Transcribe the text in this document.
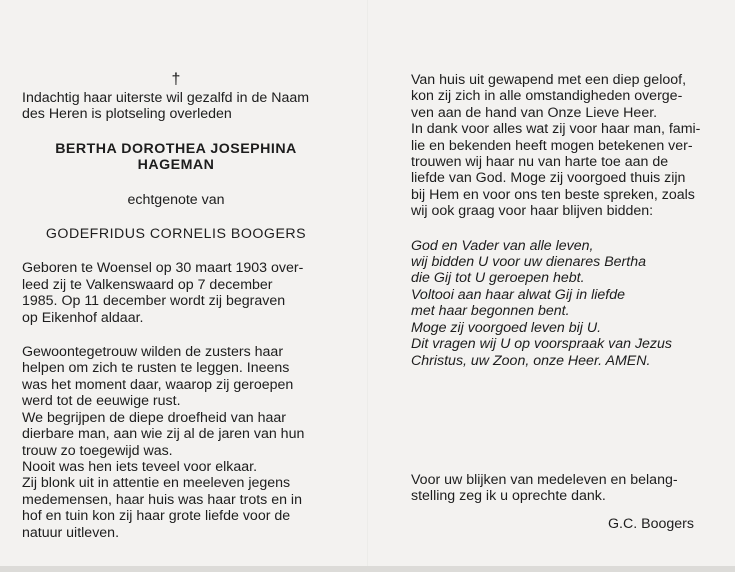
†
Indachtig haar uiterste wil gezalfd in de Naam
des Heren is plotseling overleden
BERTHA DOROTHEA JOSEPHINA
HAGEMAN
echtgenote van
GODEFRIDUS CORNELIS BOOGERS
Geboren te Woensel op 30 maart 1903 over-
leed zij te Valkenswaard op 7 december
1985. Op 11 december wordt zij begraven
op Eikenhof aldaar.
Gewoontegetrouw wilden de zusters haar
helpen om zich te rusten te leggen. Ineens
was het moment daar, waarop zij geroepen
werd tot de eeuwige rust.
We begrijpen de diepe droefheid van haar
dierbare man, aan wie zij al de jaren van hun
trouw zo toegewijd was.
Nooit was hen iets teveel voor elkaar.
Zij blonk uit in attentie en meeleven jegens
medemensen, haar huis was haar trots en in
hof en tuin kon zij haar grote liefde voor de
natuur uitleven.
Van huis uit gewapend met een diep geloof,
kon zij zich in alle omstandigheden overge-
ven aan de hand van Onze Lieve Heer.
In dank voor alles wat zij voor haar man, fami-
lie en bekenden heeft mogen betekenen ver-
trouwen wij haar nu van harte toe aan de
liefde van God. Moge zij voorgoed thuis zijn
bij Hem en voor ons ten beste spreken, zoals
wij ook graag voor haar blijven bidden:
God en Vader van alle leven,
wij bidden U voor uw dienares Bertha
die Gij tot U geroepen hebt.
Voltooi aan haar alwat Gij in liefde
met haar begonnen bent.
Moge zij voorgoed leven bij U.
Dit vragen wij U op voorspraak van Jezus
Christus, uw Zoon, onze Heer. AMEN.
Voor uw blijken van medeleven en belang-
stelling zeg ik u oprechte dank.
G.C. Boogers
